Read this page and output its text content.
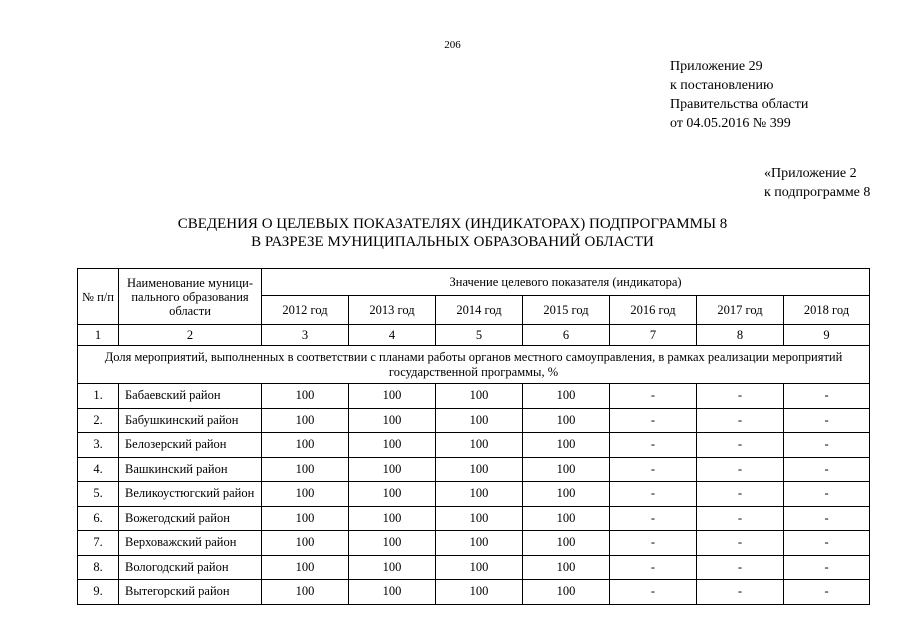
206
Приложение 29
к постановлению
Правительства области
от 04.05.2016 № 399
«Приложение 2
к подпрограмме 8
СВЕДЕНИЯ О ЦЕЛЕВЫХ ПОКАЗАТЕЛЯХ (ИНДИКАТОРАХ) ПОДПРОГРАММЫ 8
В РАЗРЕЗЕ МУНИЦИПАЛЬНЫХ ОБРАЗОВАНИЙ ОБЛАСТИ
№ п/п	Наименование муници-пального образования области	Значение целевого показателя (индикатора)						
		2012 год	2013 год	2014 год	2015 год	2016 год	2017 год	2018 год
1	2	3	4	5	6	7	8	9
Доля мероприятий, выполненных в соответствии с планами работы органов местного самоуправления, в рамках реализации мероприятий государственной программы, %								
1.	Бабаевский район	100	100	100	100	-	-	-
2.	Бабушкинский район	100	100	100	100	-	-	-
3.	Белозерский район	100	100	100	100	-	-	-
4.	Вашкинский район	100	100	100	100	-	-	-
5.	Великоустюгский район	100	100	100	100	-	-	-
6.	Вожегодский район	100	100	100	100	-	-	-
7.	Верховажский район	100	100	100	100	-	-	-
8.	Вологодский район	100	100	100	100	-	-	-
9.	Вытегорский район	100	100	100	100	-	-	-
